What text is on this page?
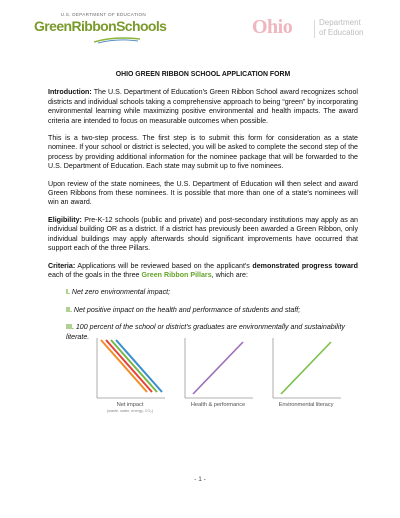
U.S. DEPARTMENT OF EDUCATION
GreenRibbonSchools	Ohio	Department
of Education
OHIO GREEN RIBBON SCHOOL APPLICATION FORM

Introduction: The U.S. Department of Education's Green Ribbon School award recognizes school districts and individual schools taking a comprehensive approach to being “green” by incorporating environmental learning while maximizing positive environmental and health impacts. The award criteria are intended to focus on measurable outcomes when possible.

This is a two-step process. The first step is to submit this form for consideration as a state nominee. If your school or district is selected, you will be asked to complete the second step of the process by providing additional information for the nominee package that will be forwarded to the U.S. Department of Education. Each state may submit up to five nominees.

Upon review of the state nominees, the U.S. Department of Education will then select and award Green Ribbons from these nominees. It is possible that more than one of a state's nominees will win an award.

Eligibility: Pre-K-12 schools (public and private) and post-secondary institutions may apply as an individual building OR as a district. If a district has previously been awarded a Green Ribbon, only individual buildings may apply afterwards should significant improvements have occurred that support each of the three Pillars.

Criteria: Applications will be reviewed based on the applicant's demonstrated progress toward each of the goals in the three Green Ribbon Pillars, which are:

I. Net zero environmental impact;
II. Net positive impact on the health and performance of students and staff;
III. 100 percent of the school or district's graduates are environmentally and sustainability literate.
Net impact
(waste, water, energy, CO₂)
Health & performance	Environmental literacy
- 1 -
